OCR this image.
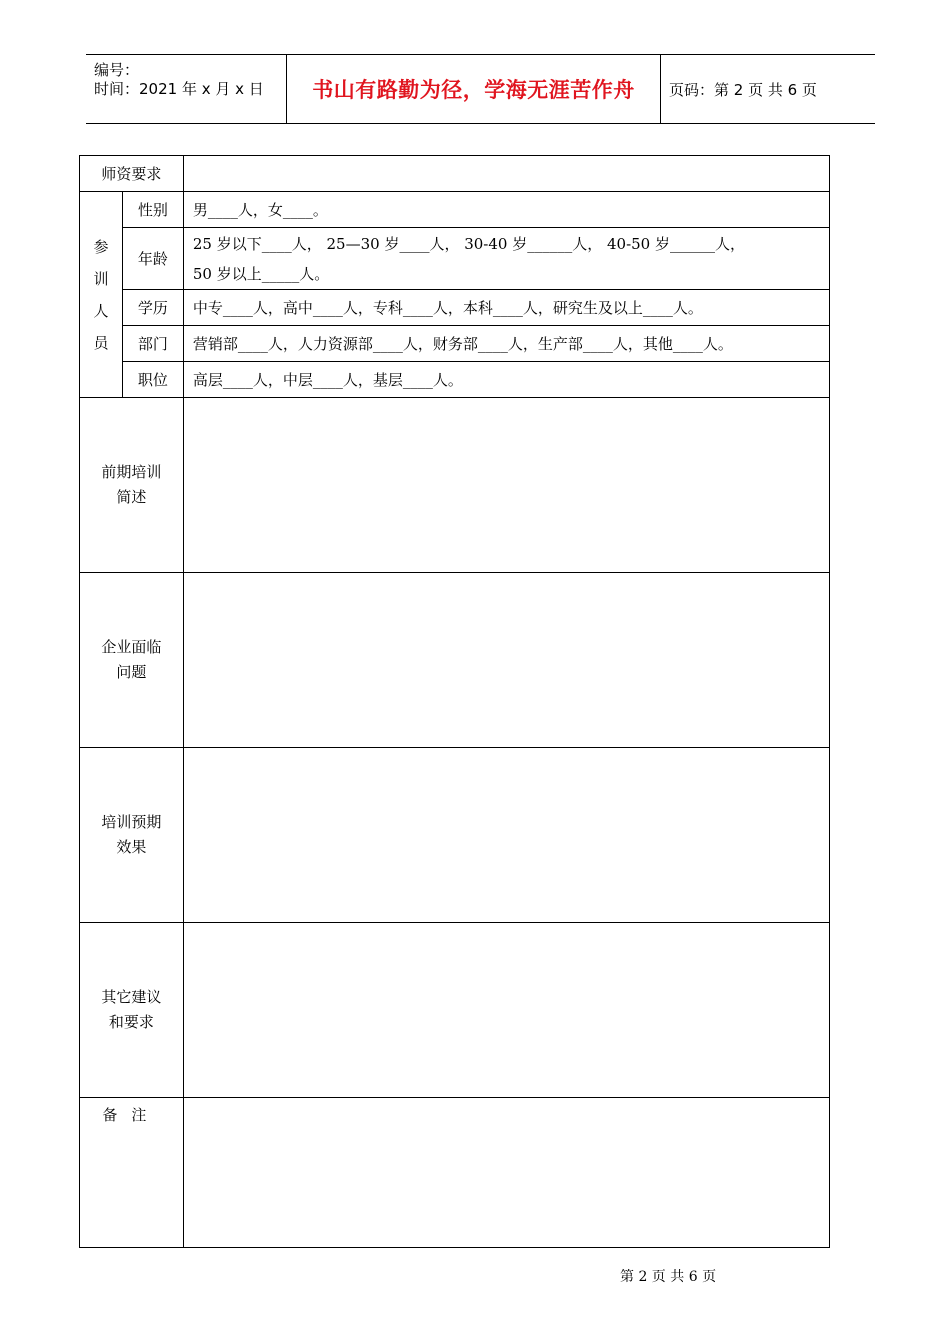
编号：
时间：2021 年 x 月 x 日 书山有路勤为径，学海无涯苦作舟	页码：第 2 页 共 6 页
师资要求		

参
训
人
员	性别	男____人，女____。
	年龄	25 岁以下____人， 25—30 岁____人， 30-40 岁______人， 40-50 岁______人，
50 岁以上_____人。

	学历	中专____人，高中____人，专科____人，本科____人，研究生及以上____人。
	部门	营销部____人，人力资源部____人，财务部____人，生产部____人，其他____人。
	职位	高层____人，中层____人，基层____人。

前期培训
简述		

企业面临
问题		

培训预期
效果		

其它建议
和要求		

备注		
第 2 页 共 6 页
